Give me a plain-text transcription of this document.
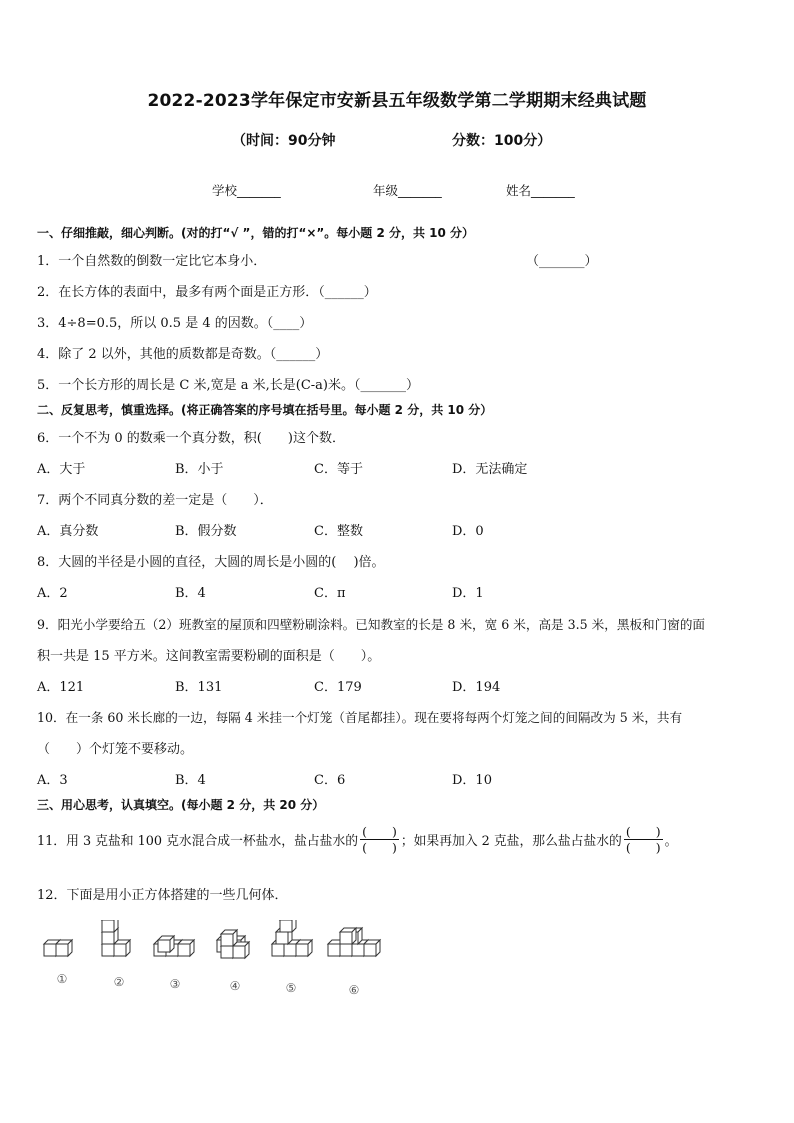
2022-2023学年保定市安新县五年级数学第二学期期末经典试题
（时间：90分钟	分数：100分）
学校_______	年级_______	姓名_______
一、仔细推敲，细心判断。(对的打“√ ”，错的打“×”。每小题 2 分，共 10 分）
1．一个自然数的倒数一定比它本身小．	（_______）
2．在长方体的表面中，最多有两个面是正方形．（______）
3．4÷8=0.5，所以 0.5 是 4 的因数。（____）
4．除了 2 以外，其他的质数都是奇数。（______）
5．一个长方形的周长是 C 米,宽是 a 米,长是(C-a)米。（_______）
二、反复思考，慎重选择。(将正确答案的序号填在括号里。每小题 2 分，共 10 分）
6．一个不为 0 的数乘一个真分数，积(　　)这个数．
A．大于	B．小于	C．等于	D．无法确定
7．两个不同真分数的差一定是（　　）．
A．真分数	B．假分数	C．整数	D．0
8．大圆的半径是小圆的直径，大圆的周长是小圆的(　 )倍。
A．2	B．4	C．π	D．1
9．阳光小学要给五（2）班教室的屋顶和四壁粉刷涂料。已知教室的长是 8 米，宽 6 米，高是 3.5 米，黑板和门窗的面
积一共是 15 平方米。这间教室需要粉刷的面积是（　　）。
A．121	B．131	C．179	D．194
10．在一条 60 米长廊的一边，每隔 4 米挂一个灯笼（首尾都挂）。现在要将每两个灯笼之间的间隔改为 5 米，共有
（　　）个灯笼不要移动。
A．3	B．4	C．6	D．10
三、用心思考，认真填空。(每小题 2 分，共 20 分）
11．用 3 克盐和 100 克水混合成一杯盐水，盐占盐水的 $\frac{( )}{( )}$ ；如果再加入 2 克盐，那么盐占盐水的 $\frac{( )}{( )}$ 。
12．下面是用小正方体搭建的一些几何体．
①	②	③	④	⑤	⑥
